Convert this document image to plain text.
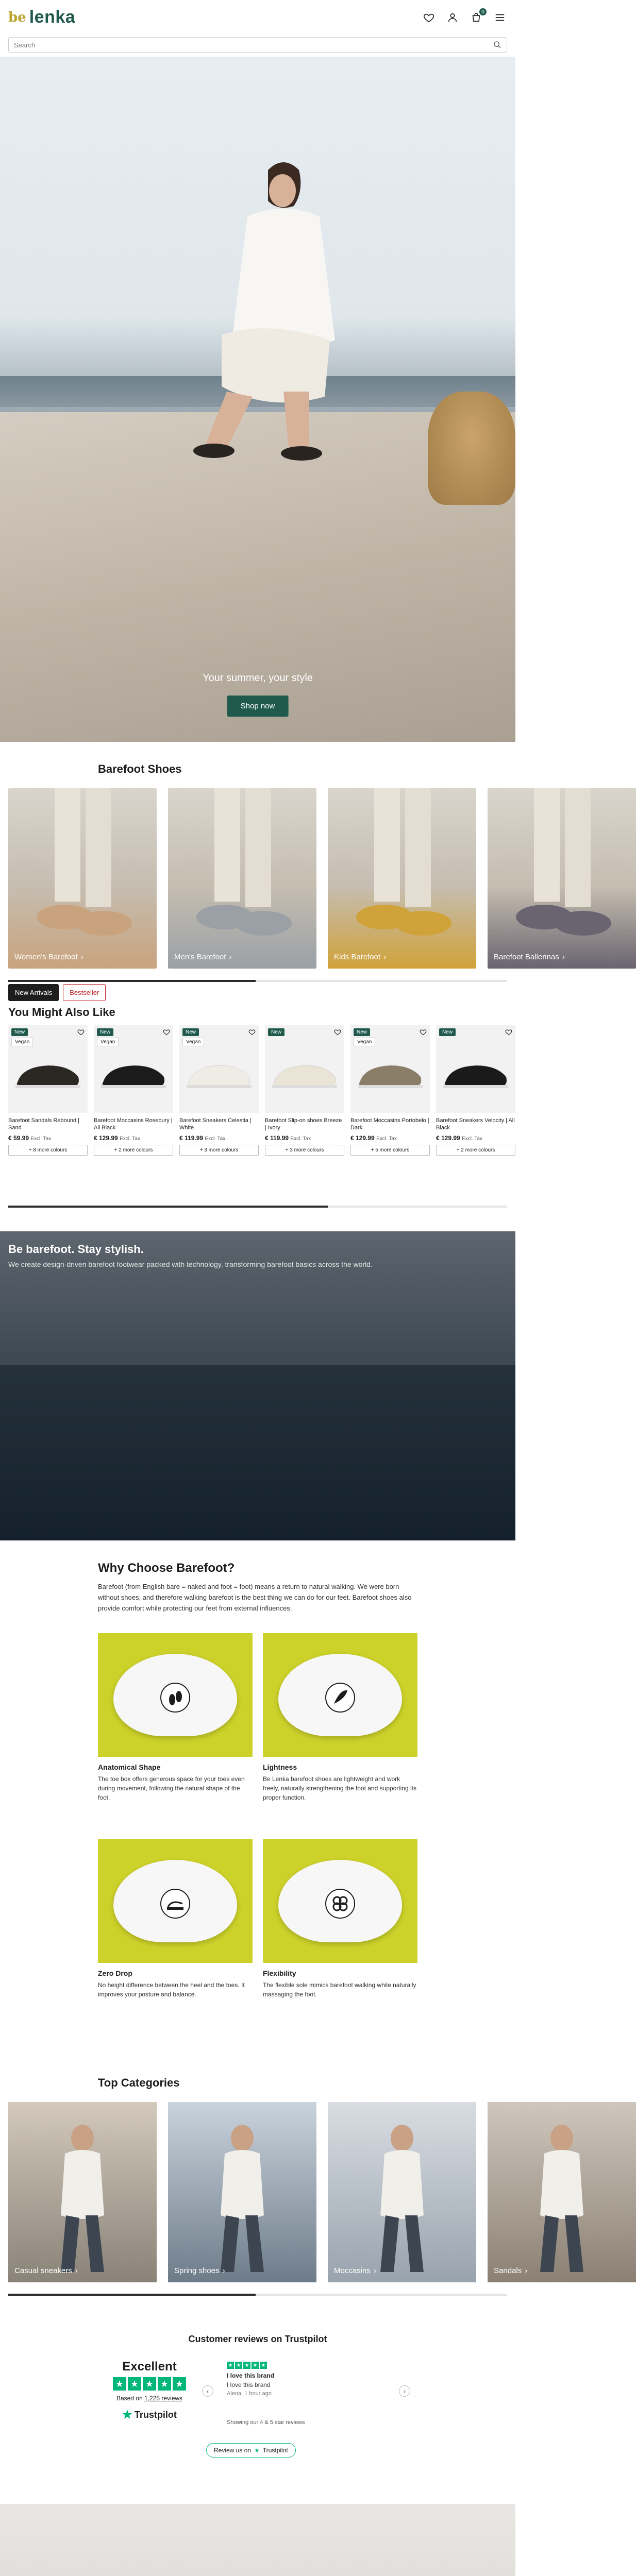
be lenka	0
Search
Your summer, your style
Shop now
Barefoot Shoes
Women's Barefoot ›	Men's Barefoot ›	Kids Barefoot ›	Barefoot Ballerinas ›
New Arrivals	Bestseller
You Might Also Like
New
Vegan
Barefoot Sandals Rebound | Sand
€ 59.99 Excl. Tax
+ 8 more colours
New
Vegan
Barefoot Moccasins Rosebury | All Black
€ 129.99 Excl. Tax
+ 2 more colours
New
Vegan
Barefoot Sneakers Celestia | White
€ 119.99 Excl. Tax
+ 3 more colours
New
Barefoot Slip-on shoes Breeze | Ivory
€ 119.99 Excl. Tax
+ 3 more colours
New
Vegan
Barefoot Moccasins Portobelo | Dark
€ 129.99 Excl. Tax
+ 5 more colours
New
Barefoot Sneakers Velocity | All Black
€ 129.99 Excl. Tax
+ 2 more colours
Be barefoot. Stay stylish.

We create design-driven barefoot footwear packed with technology, transforming barefoot basics across the world.

Why Choose Barefoot?
Barefoot (from English bare = naked and foot = foot) means a return to natural walking. We were born without shoes, and therefore walking barefoot is the best thing we can do for our feet. Barefoot shoes also provide comfort while protecting our feet from external influences.
Anatomical Shape

The toe box offers generous space for your toes even during movement, following the natural shape of the foot.

Lightness

Be Lenka barefoot shoes are lightweight and work freely, naturally strengthening the foot and supporting its proper function.

Zero Drop

No height difference between the heel and the toes. It improves your posture and balance.

Flexibility

The flexible sole mimics barefoot walking while naturally massaging the foot.

Top Categories
Casual sneakers ›	Spring shoes ›	Moccasins ›	Sandals ›
Customer reviews on Trustpilot
Excellent
★ ★ ★ ★ ★
Based on 1,225 reviews
★ Trustpilot
‹
★ ★ ★ ★ ★
I love this brand
I love this brand
Alena, 1 hour ago	›
Showing our 4 & 5 star reviews
Review us on ★ Trustpilot
